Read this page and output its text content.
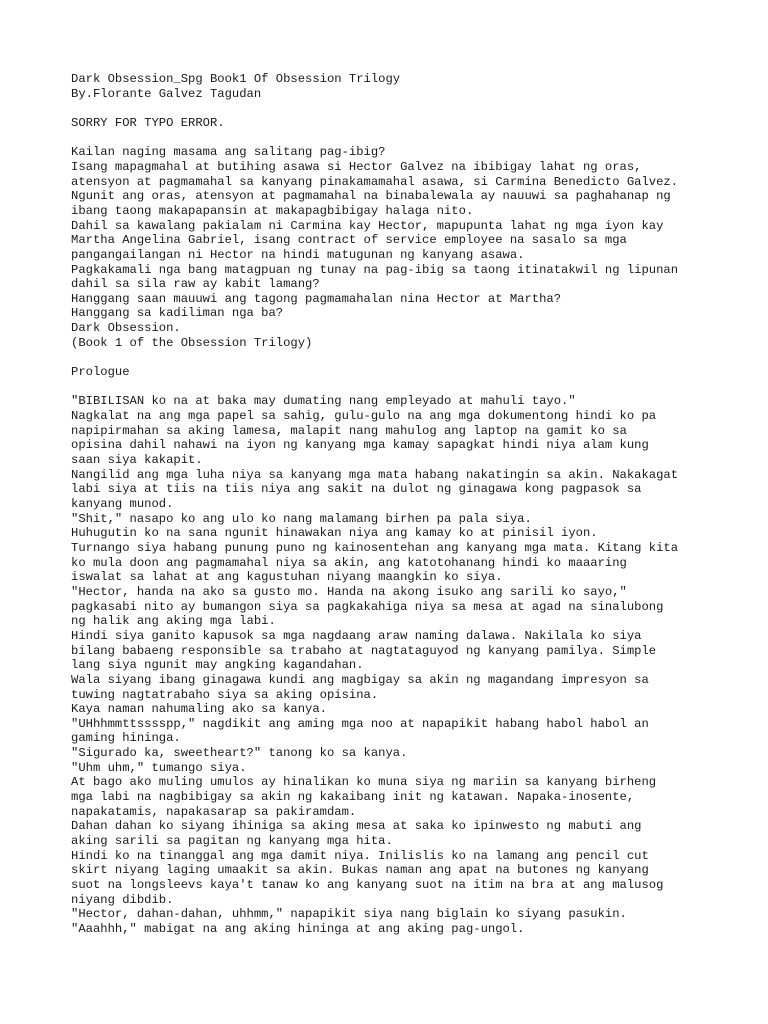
Dark Obsession_Spg Book1 Of Obsession Trilogy
By.Florante Galvez Tagudan
SORRY FOR TYPO ERROR.
Kailan naging masama ang salitang pag-ibig?
Isang mapagmahal at butihing asawa si Hector Galvez na ibibigay lahat ng oras,
atensyon at pagmamahal sa kanyang pinakamamahal asawa, si Carmina Benedicto Galvez.
Ngunit ang oras, atensyon at pagmamahal na binabalewala ay nauuwi sa paghahanap ng
ibang taong makapapansin at makapagbibigay halaga nito.
Dahil sa kawalang pakialam ni Carmina kay Hector, mapupunta lahat ng mga iyon kay
Martha Angelina Gabriel, isang contract of service employee na sasalo sa mga
pangangailangan ni Hector na hindi matugunan ng kanyang asawa.
Pagkakamali nga bang matagpuan ng tunay na pag-ibig sa taong itinatakwil ng lipunan
dahil sa sila raw ay kabit lamang?
Hanggang saan mauuwi ang tagong pagmamahalan nina Hector at Martha?
Hanggang sa kadiliman nga ba?
Dark Obsession.
(Book 1 of the Obsession Trilogy)
Prologue
"BIBILISAN ko na at baka may dumating nang empleyado at mahuli tayo."
Nagkalat na ang mga papel sa sahig, gulu-gulo na ang mga dokumentong hindi ko pa
napipirmahan sa aking lamesa, malapit nang mahulog ang laptop na gamit ko sa
opisina dahil nahawi na iyon ng kanyang mga kamay sapagkat hindi niya alam kung
saan siya kakapit.
Nangilid ang mga luha niya sa kanyang mga mata habang nakatingin sa akin. Nakakagat
labi siya at tiis na tiis niya ang sakit na dulot ng ginagawa kong pagpasok sa
kanyang munod.
"Shit," nasapo ko ang ulo ko nang malamang birhen pa pala siya.
Huhugutin ko na sana ngunit hinawakan niya ang kamay ko at pinisil iyon.
Turnango siya habang punung puno ng kainosentehan ang kanyang mga mata. Kitang kita
ko mula doon ang pagmamahal niya sa akin, ang katotohanang hindi ko maaaring
iswalat sa lahat at ang kagustuhan niyang maangkin ko siya.
"Hector, handa na ako sa gusto mo. Handa na akong isuko ang sarili ko sayo,"
pagkasabi nito ay bumangon siya sa pagkakahiga niya sa mesa at agad na sinalubong
ng halik ang aking mga labi.
Hindi siya ganito kapusok sa mga nagdaang araw naming dalawa. Nakilala ko siya
bilang babaeng responsible sa trabaho at nagtataguyod ng kanyang pamilya. Simple
lang siya ngunit may angking kagandahan.
Wala siyang ibang ginagawa kundi ang magbigay sa akin ng magandang impresyon sa
tuwing nagtatrabaho siya sa aking opisina.
Kaya naman nahumaling ako sa kanya.
"UHhhmmttsssspp," nagdikit ang aming mga noo at napapikit habang habol habol an
gaming hininga.
"Sigurado ka, sweetheart?" tanong ko sa kanya.
"Uhm uhm," tumango siya.
At bago ako muling umulos ay hinalikan ko muna siya ng mariin sa kanyang birheng
mga labi na nagbibigay sa akin ng kakaibang init ng katawan. Napaka-inosente,
napakatamis, napakasarap sa pakiramdam.
Dahan dahan ko siyang ihiniga sa aking mesa at saka ko ipinwesto ng mabuti ang
aking sarili sa pagitan ng kanyang mga hita.
Hindi ko na tinanggal ang mga damit niya. Inilislis ko na lamang ang pencil cut
skirt niyang laging umaakit sa akin. Bukas naman ang apat na butones ng kanyang
suot na longsleevs kaya't tanaw ko ang kanyang suot na itim na bra at ang malusog
niyang dibdib.
"Hector, dahan-dahan, uhhmm," napapikit siya nang biglain ko siyang pasukin.
"Aaahhh," mabigat na ang aking hininga at ang aking pag-ungol.
